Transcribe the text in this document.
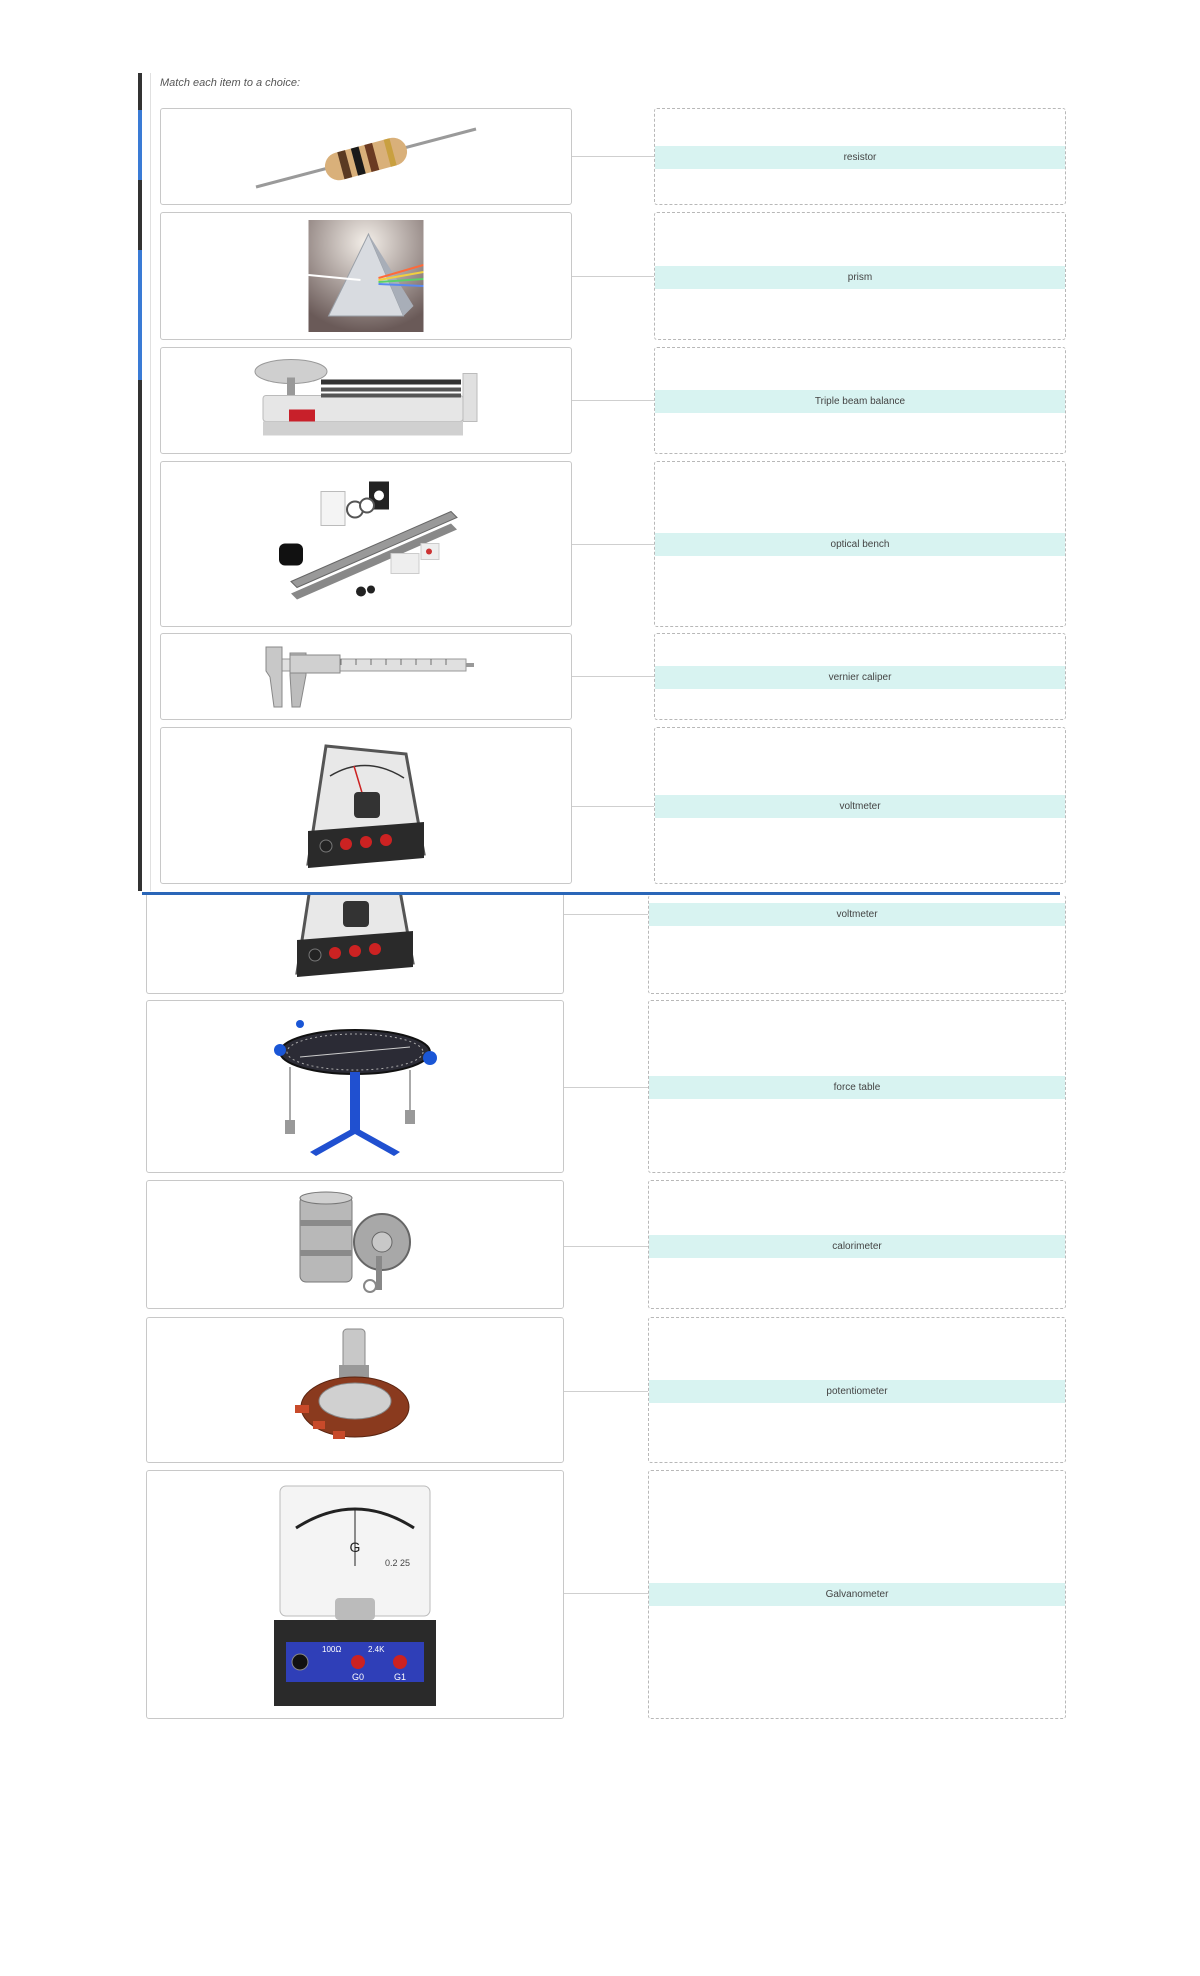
Match each item to a choice:
resistor
prism
Triple beam balance
optical bench
vernier caliper
voltmeter
voltmeter
force table
calorimeter
potentiometer
G
0.2 25
100Ω	2.4K
G0	G1
Galvanometer
